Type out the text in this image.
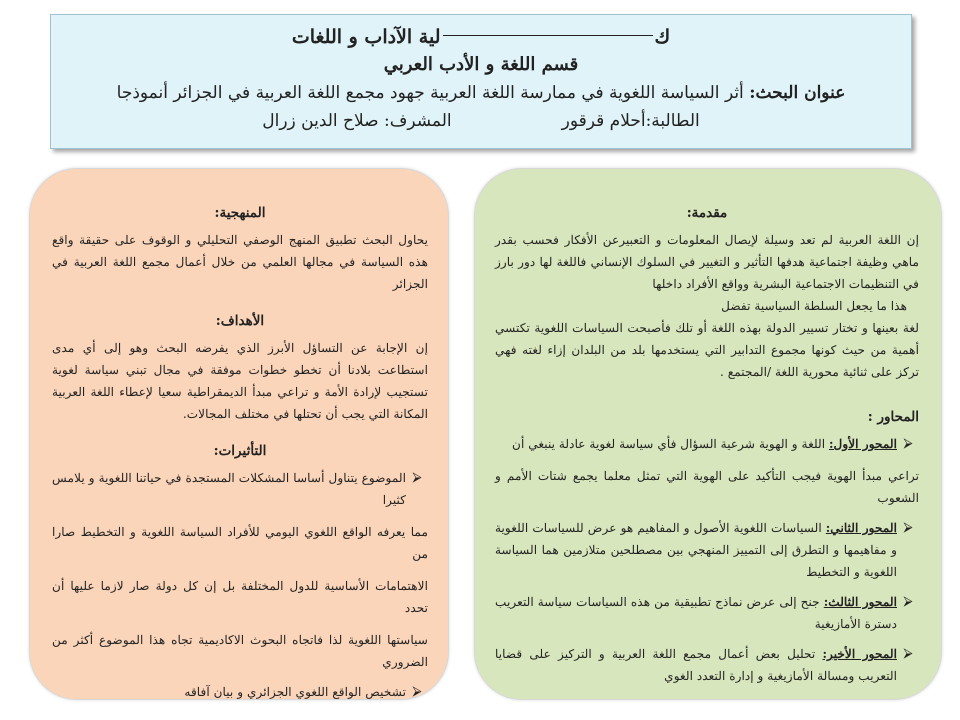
كلية الآداب و اللغات
قسم اللغة و الأدب العربي
عنوان البحث: أثر السياسة اللغوية في ممارسة اللغة العربية جهود مجمع اللغة العربية في الجزائر أنموذجا
الطالبة:أحلام قرقورالمشرف: صلاح الدين زرال
مقدمة:

إن اللغة العربية لم تعد وسيلة لإيصال المعلومات و التعبيرعن الأفكار فحسب بقدر ماهي وظيفة اجتماعية هدفها التأثير و التغيير في السلوك الإنساني فاللغة لها دور بارز في التنظيمات الاجتماعية البشرية وواقع الأفراد داخلها

هذا ما يجعل السلطة السياسية تفضل

لغة بعينها و تختار تسيير الدولة بهذه اللغة أو تلك فأصبحت السياسات اللغوية تكتسي أهمية من حيث كونها مجموع التدابير التي يستخدمها بلد من البلدان إزاء لغته فهي تركز على ثنائية محورية اللغة /المجتمع .

المحاور :
⮚
المحور الأول: اللغة و الهوية شرعية السؤال فأي سياسة لغوية عادلة ينبغي أن
تراعي مبدأ الهوية فيجب التأكيد على الهوية التي تمثل معلما يجمع شتات الأمم و الشعوب
⮚
المحور الثاني: السياسات اللغوية الأصول و المفاهيم هو عرض للسياسات اللغوية و مفاهيمها و التطرق إلى التمييز المنهجي بين مصطلحين متلازمين هما السياسة اللغوية و التخطيط
⮚
المحور الثالث: جنح إلى عرض نماذج تطبيقية من هذه السياسات سياسة التعريب دسترة الأمازيغية
⮚
المحور الأخير: تحليل بعض أعمال مجمع اللغة العربية و التركيز على قضايا التعريب ومسالة الأمازيغية و إدارة التعدد الغوي
المنهجية:

يحاول البحث تطبيق المنهج الوصفي التحليلي و الوقوف على حقيقة واقع هذه السياسة في مجالها العلمي من خلال أعمال مجمع اللغة العربية في الجزائر

الأهداف:

إن الإجابة عن التساؤل الأبرز الذي يفرضه البحث وهو إلى أي مدى استطاعت بلادنا أن تخطو خطوات موفقة في مجال تبني سياسة لغوية تستجيب لإرادة الأمة و تراعي مبدأ الديمقراطية سعيا لإعطاء اللغة العربية المكانة التي يجب أن تحتلها في مختلف المجالات.

التأثيرات:
⮚
الموضوع يتناول أساسا المشكلات المستجدة في حياتنا اللغوية و يلامس كثيرا
مما يعرفه الواقع اللغوي اليومي للأفراد السياسة اللغوية و التخطيط صارا من
الاهتمامات الأساسية للدول المختلفة بل إن كل دولة صار لازما عليها أن تحدد
سياستها اللغوية لذا فاتجاه البحوث الاكاديمية تجاه هذا الموضوع أكثر من الضروري
⮚
تشخيص الواقع اللغوي الجزائري و بيان آفاقه
